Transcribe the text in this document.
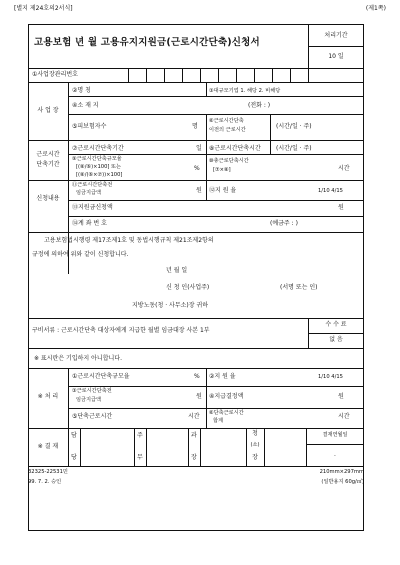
[별지 제24호의2서식]	(제1쪽)
고용보험 년 월 고용유지지원금(근로시간단축)신청서
처리기간
10 일
①사업장관리번호
사 업 장
②명 칭	③대규모기업 1. 해당 2. 비해당
④소 재 지	(전화 : )
⑤피보험자수	명
⑥근로시간단축
이전의 근로시간	(시간/일 · 주)
근로시간
단축기간
⑦근로시간단축기간	일 ⑧근로시간단축시간	(시간/일 · 주)
⑨근로시간단축규모율
[(⑧/⑥)×100] 또는
[(⑧/(⑥×⑦))×100]
%
⑩총근로단축시간
[⑦×⑧]	시간
신청내용
⑪근로시간단축전
임금지급액	원 ⑫지 원 율	1/10 4/15
⑬지원금신청액	원
⑭계 좌 번 호	(예금주 : )
고용보험법시행령 제17조제1호 및 동법시행규칙 제21조제2항의
규정에 의하여 위와 같이 신청합니다.
년 월 일
신 청 인(사업주)	(서명 또는 인)
지방노동(청 · 사무소)장 귀하
구비서류 : 근로시간단축 대상자에게 지급한 월별 임금대장 사본 1부
수 수 료
없 음
※ 표시란은 기입하지 아니합니다.
※ 처 리
①근로시간단축규모율	% ②지 원 율	1/10 4/15
③근로시간단축전
임금지급액	원 ④지급결정액	원
⑤단축근로시간	시간 ⑥단축근로시간
합계
시간
※ 결 재
담
당
주
무
과
장
청
(소)
장
결재연월일
.
32325-22531민
99. 7. 2. 승인
210mm×297mm
(일반용지 60g/㎡)
